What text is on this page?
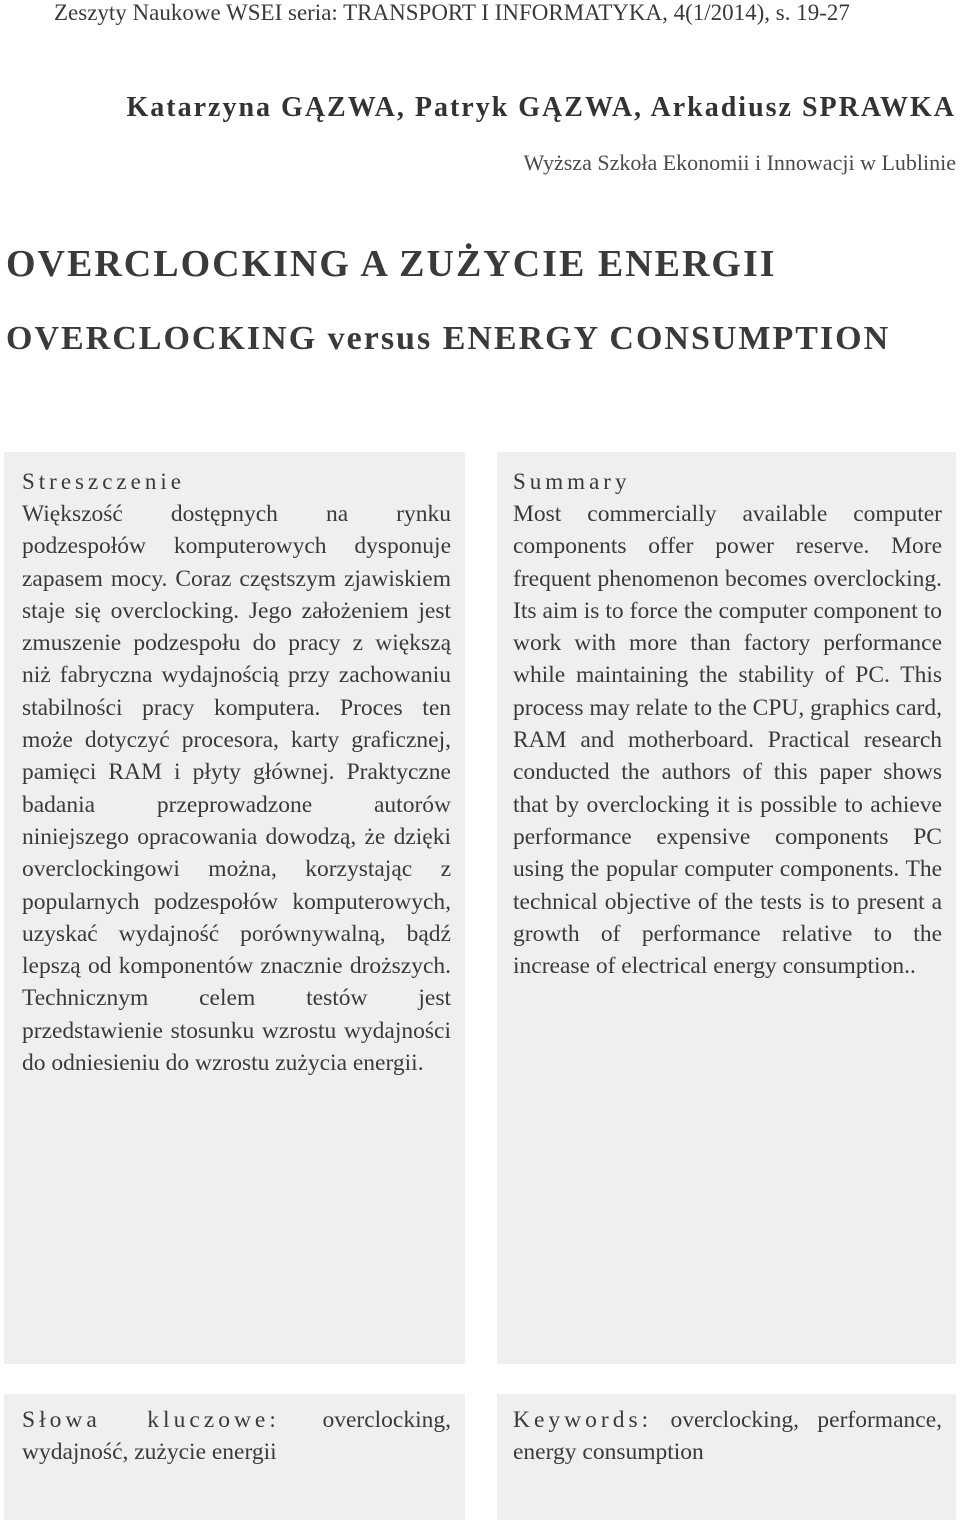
Zeszyty Naukowe WSEI seria: TRANSPORT I INFORMATYKA, 4(1/2014), s. 19-27
Katarzyna GĄZWA, Patryk GĄZWA, Arkadiusz SPRAWKA
Wyższa Szkoła Ekonomii i Innowacji w Lublinie
OVERCLOCKING A ZUŻYCIE ENERGII
OVERCLOCKING versus ENERGY CONSUMPTION
Streszczenie

Większość dostępnych na rynku podzespołów komputerowych dysponuje zapasem mocy. Coraz częstszym zjawiskiem staje się overclocking. Jego założeniem jest zmuszenie podzespołu do pracy z większą niż fabryczna wydajnością przy zachowaniu stabilności pracy komputera. Proces ten może dotyczyć procesora, karty graficznej, pamięci RAM i płyty głównej. Praktyczne badania przeprowadzone autorów niniejszego opracowania dowodzą, że dzięki overclockingowi można, korzystając z popularnych podzespołów komputerowych, uzyskać wydajność porównywalną, bądź lepszą od komponentów znacznie droższych. Technicznym celem testów jest przedstawienie stosunku wzrostu wydajności do odniesieniu do wzrostu zużycia energii.

Summary

Most commercially available computer components offer power reserve. More frequent phenomenon becomes overclocking. Its aim is to force the computer component to work with more than factory performance while maintaining the stability of PC. This process may relate to the CPU, graphics card, RAM and motherboard. Practical research conducted the authors of this paper shows that by overclocking it is possible to achieve performance expensive components PC using the popular computer components. The technical objective of the tests is to present a growth of performance relative to the increase of electrical energy consumption..

Słowa kluczowe: overclocking, wydajność, zużycie energii

Keywords: overclocking, performance, energy consumption
